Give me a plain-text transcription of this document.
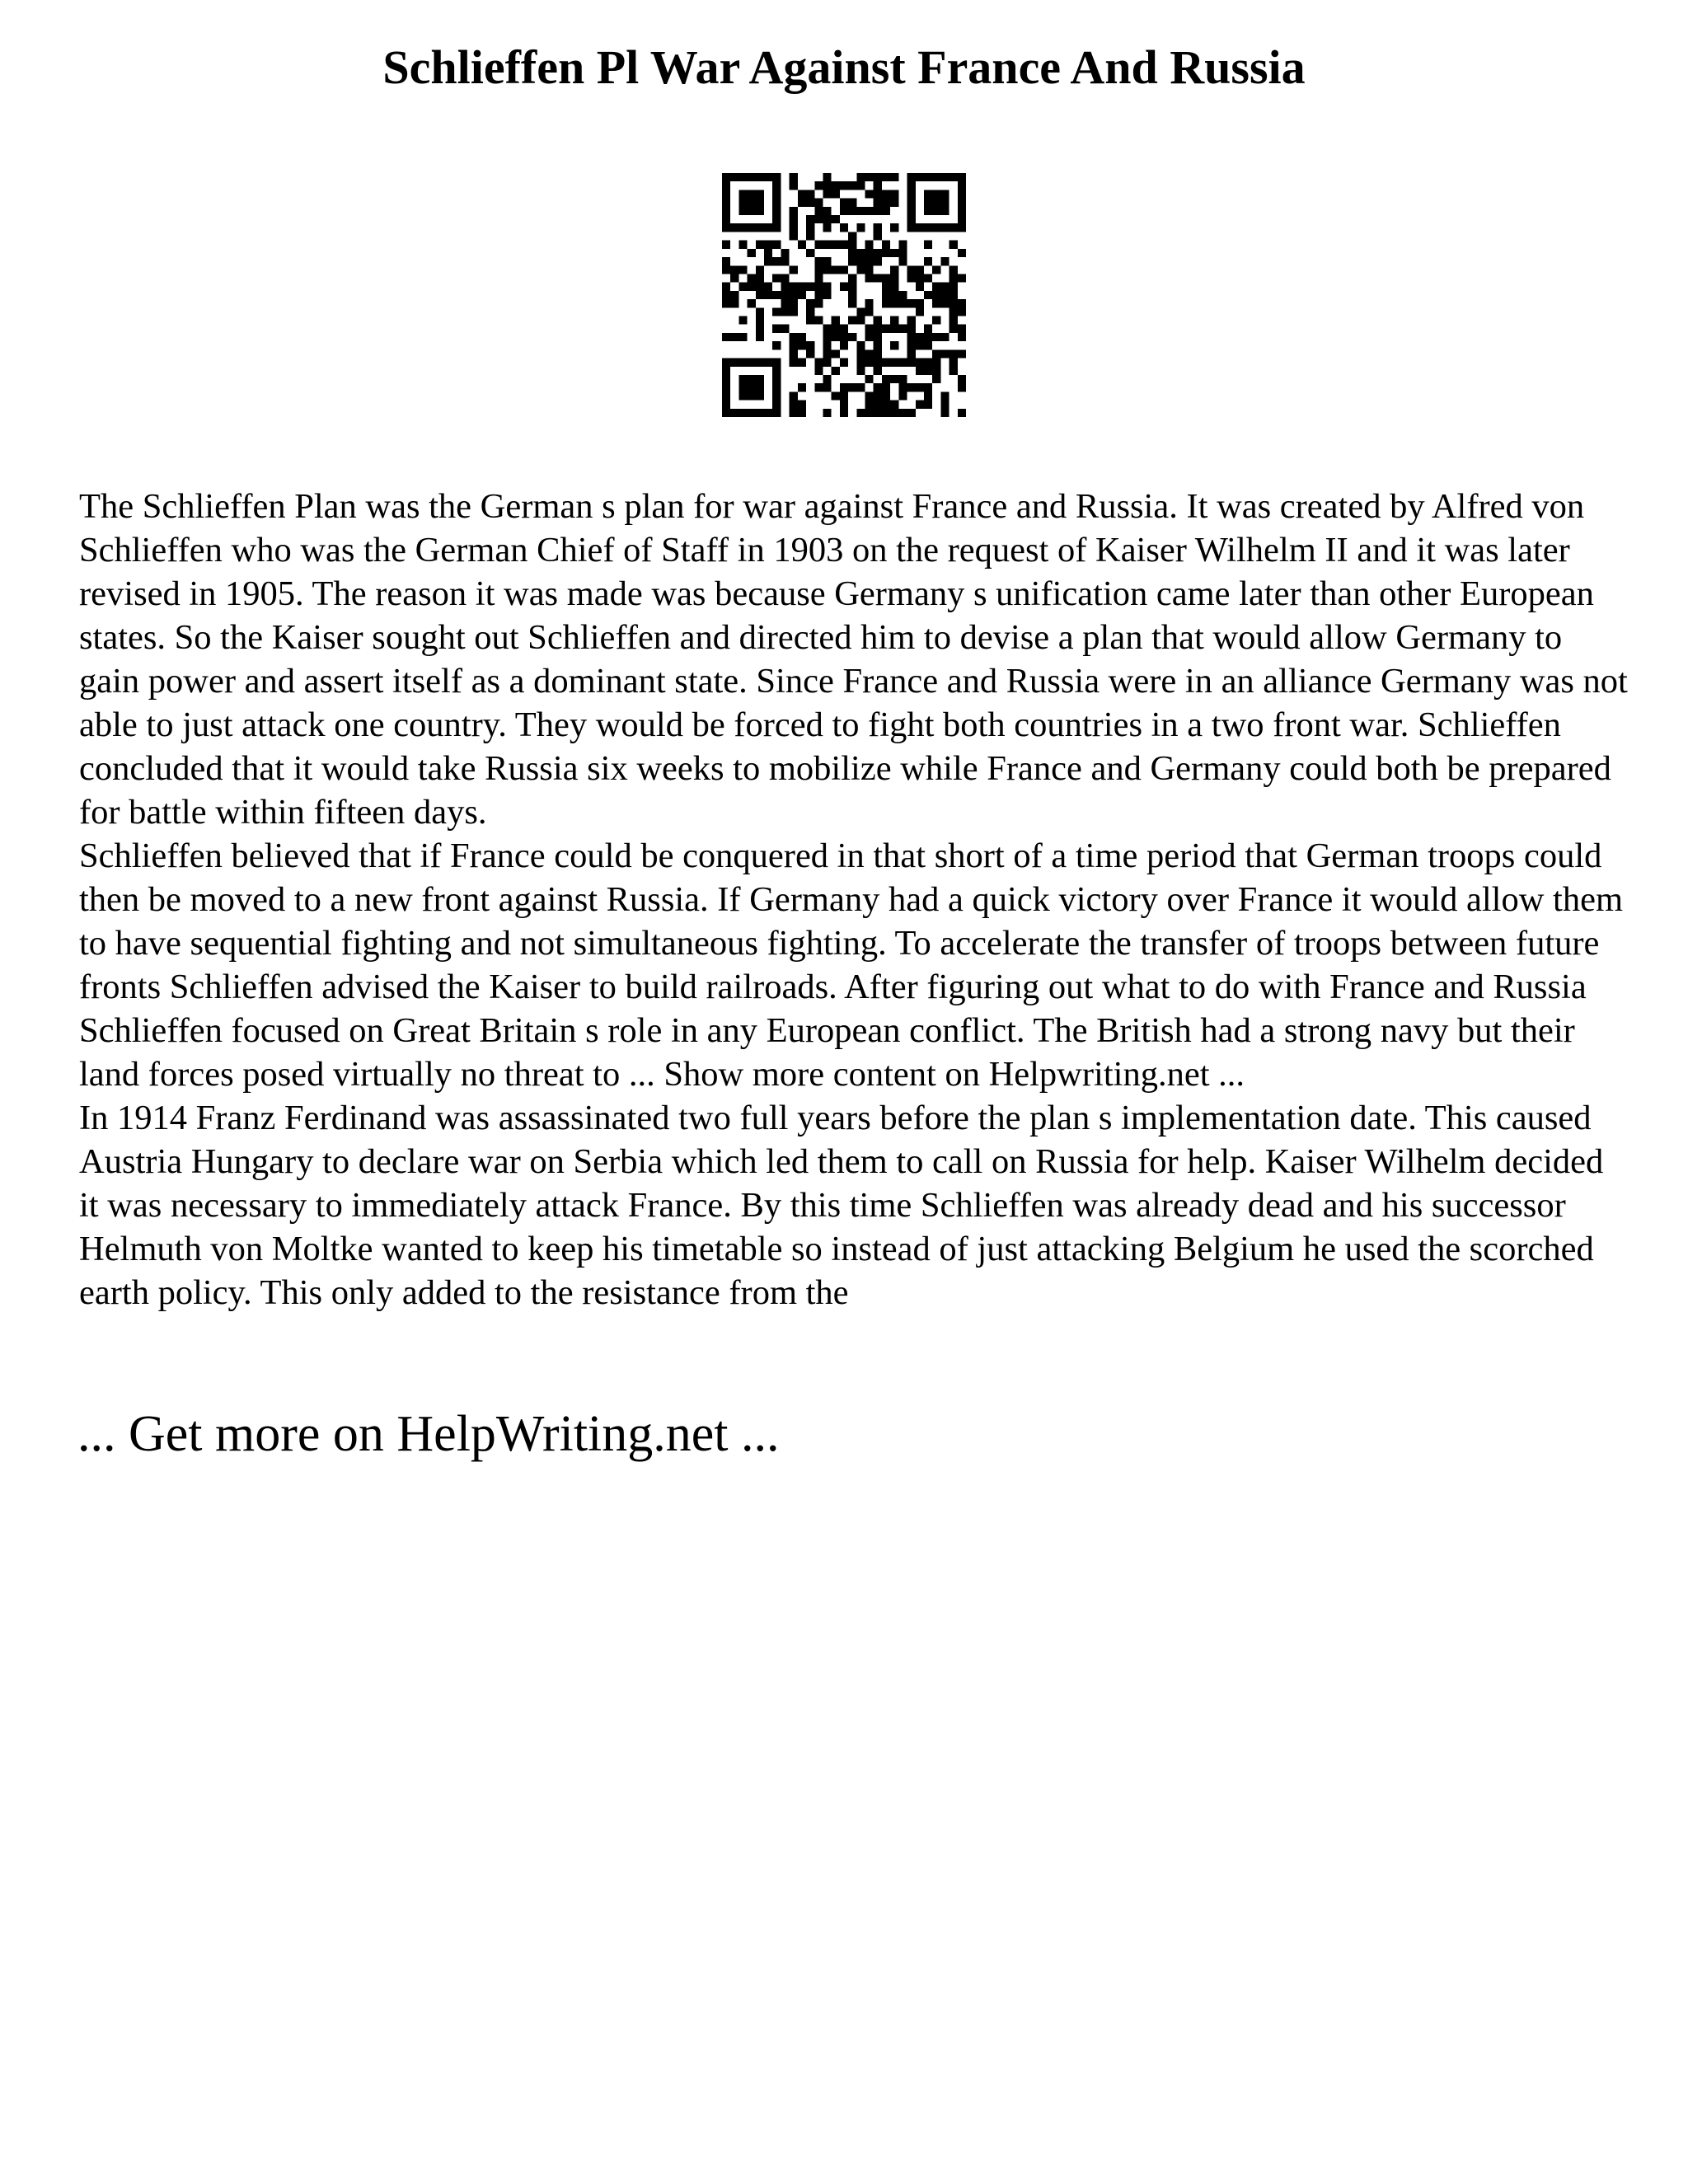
Schlieffen Pl War Against France And Russia

The Schlieffen Plan was the German s plan for war against France and Russia. It was created by Alfred von Schlieffen who was the German Chief of Staff in 1903 on the request of Kaiser Wilhelm II and it was later revised in 1905. The reason it was made was because Germany s unification came later than other European states. So the Kaiser sought out Schlieffen and directed him to devise a plan that would allow Germany to gain power and assert itself as a dominant state. Since France and Russia were in an alliance Germany was not able to just attack one country. They would be forced to fight both countries in a two front war. Schlieffen concluded that it would take Russia six weeks to mobilize while France and Germany could both be prepared for battle within fifteen days.

Schlieffen believed that if France could be conquered in that short of a time period that German troops could then be moved to a new front against Russia. If Germany had a quick victory over France it would allow them to have sequential fighting and not simultaneous fighting. To accelerate the transfer of troops between future fronts Schlieffen advised the Kaiser to build railroads. After figuring out what to do with France and Russia Schlieffen focused on Great Britain s role in any European conflict. The British had a strong navy but their land forces posed virtually no threat to ... Show more content on Helpwriting.net ...

In 1914 Franz Ferdinand was assassinated two full years before the plan s implementation date. This caused Austria Hungary to declare war on Serbia which led them to call on Russia for help. Kaiser Wilhelm decided it was necessary to immediately attack France. By this time Schlieffen was already dead and his successor Helmuth von Moltke wanted to keep his timetable so instead of just attacking Belgium he used the scorched earth policy. This only added to the resistance from the

... Get more on HelpWriting.net ...
